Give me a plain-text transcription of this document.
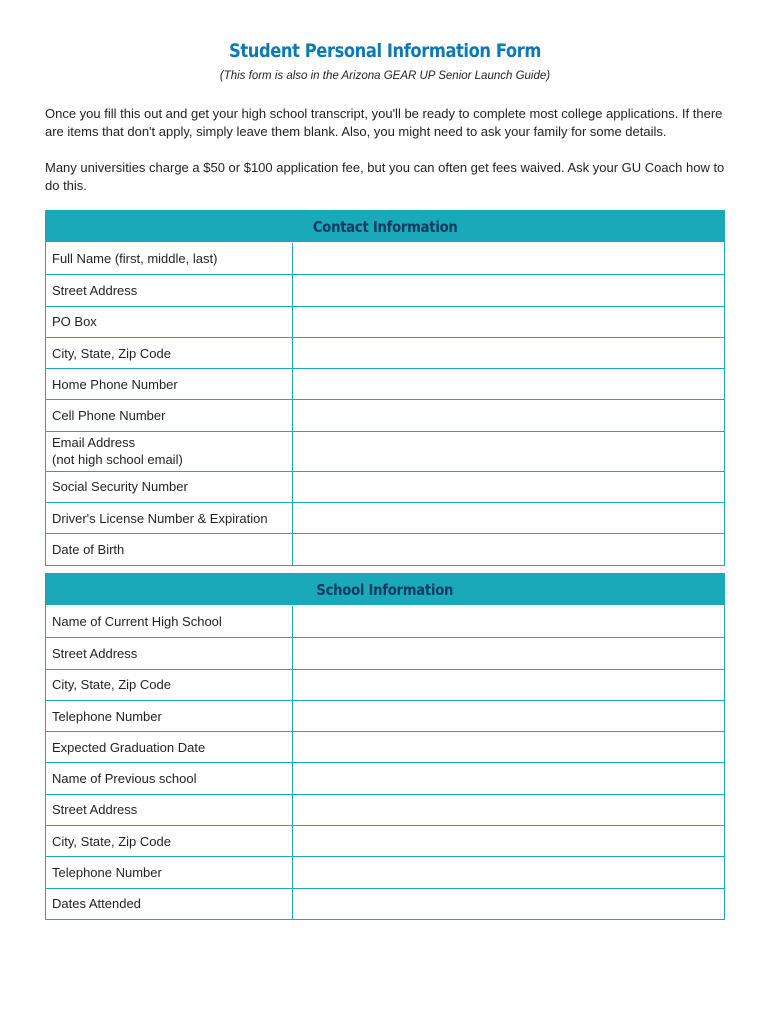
Student Personal Information Form
(This form is also in the Arizona GEAR UP Senior Launch Guide)
Once you fill this out and get your high school transcript, you'll be ready to complete most college applications. If there are items that don't apply, simply leave them blank. Also, you might need to ask your family for some details.
Many universities charge a $50 or $100 application fee, but you can often get fees waived. Ask your GU Coach how to do this.
Contact Information
Full Name (first, middle, last)
Street Address
PO Box
City, State, Zip Code
Home Phone Number
Cell Phone Number
Email Address
(not high school email)
Social Security Number
Driver's License Number & Expiration
Date of Birth
School Information
Name of Current High School
Street Address
City, State, Zip Code
Telephone Number
Expected Graduation Date
Name of Previous school
Street Address
City, State, Zip Code
Telephone Number
Dates Attended
